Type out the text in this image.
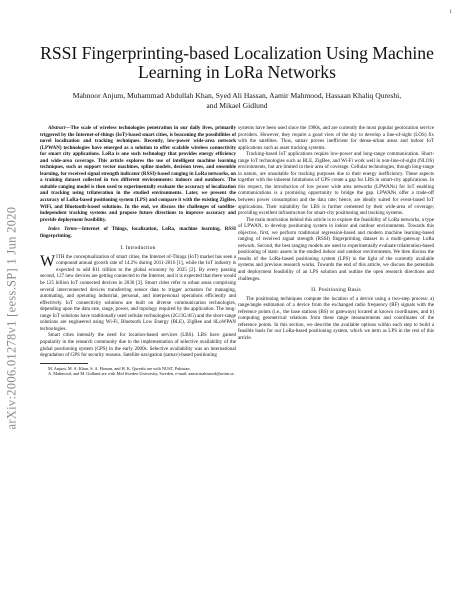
1
arXiv:2006.01278v1 [eess.SP] 1 Jun 2020
RSSI Fingerprinting-based Localization Using Machine Learning in LoRa Networks
Mahnoor Anjum, Muhammad Abdullah Khan, Syed Ali Hassan, Aamir Mahmood, Hassaan Khaliq Qureshi,
and Mikael Gidlund

Abstract—The scale of wireless technologies penetration in our daily lives, primarily triggered by the Internet-of-things (IoT)-based smart cities, is beaconing the possibilities of novel localization and tracking techniques. Recently, low-power wide-area network (LPWAN) technologies have emerged as a solution to offer scalable wireless connectivity for smart city applications. LoRa is one such technology that provides energy efficiency and wide-area coverage. This article explores the use of intelligent machine learning techniques, such as support vector machines, spline models, decision trees, and ensemble learning, for received signal strength indicator (RSSI)-based ranging in LoRa networks, on a training dataset collected in two different environments: indoors and outdoors. The suitable ranging model is then used to experimentally evaluate the accuracy of localization and tracking using trilateration in the studied environments. Later, we present the accuracy of LoRa-based positioning system (LPS) and compare it with the existing ZigBee, WiFi, and Bluetooth-based solutions. In the end, we discuss the challenges of satellite-independent tracking systems and propose future directions to improve accuracy and provide deployment feasibility.

Index Terms—Internet of Things, localization, LoRa, machine learning, RSSI fingerprinting.

I. Introduction

WITH the conceptualization of smart cities, the Internet of-Things (IoT) market has seen a compound annual growth rate of 14.2% during 2011-2016 [1], while the IoT industry is expected to add $11 trillion to the global economy by 2025 [2]. By every passing second, 127 new devices are getting connected to the Internet, and it is expected that there would be 125 billion IoT connected devices in 2030 [3]. Smart cities refer to urban areas comprising several interconnected devices transferring sensor data to trigger actuators for managing, automating, and operating industrial, personal, and interpersonal operations efficiently and effectively. IoT connectivity solutions are built on diverse communication technologies, depending upon the data rate, range, power, and topology required by the application. The long-range IoT solutions have traditionally used cellular technologies (2G/3G/4G) and the short-range solutions are engineered using Wi-Fi, Bluetooth Low Energy (BLE), ZigBee and 6LoWPAN technologies.

Smart cities intensify the need for location-based services (LBS). LBS have gained popularity in the research community due to the implementation of selective availability of the global positioning system (GPS) in the early 2000s. Selective availability was an international degradation of GPS for security reasons. Satellite navigation (satnav)-based positioning

M. Anjum, M. A. Khan, S. A. Hassan, and H. K. Qureshi are with NUST, Pakistan.

A. Mahmood, and M. Gidlund are with Mid Sweden University, Sweden, e-mail: aamir.mahmood@miun.se.

systems have been used since the 1980s, and are currently the most popular geolocation service providers. However, they require a good view of the sky to develop a line-of-sight (LOS) fix with the satellites. Thus, satnav proves inefficient for dense-urban areas and indoor IoT applications such as asset tracking systems.

Tracking-based IoT applications require low-power and long-range communication. Short-range IoT technologies such as BLE, ZigBee, and Wi-Fi work well in non-line-of-sight (NLOS) environments, but are limited in their area of coverage. Cellular technologies, though long-range in nature, are unsuitable for tracking purposes due to their energy inefficiency. These aspects together with the inherent limitations of GPS create a gap for LBS in smart-city applications. In this respect, the introduction of low power wide area networks (LPWANs) for IoT enabling communications is a promising opportunity to bridge the gap. LPWANs offer a trade-off between power consumption and the data rate; hence, are ideally suited for event-based IoT applications. Their suitability for LBS is further cemented by their wide-area of coverage; providing excellent infrastructure for smart-city positioning and tracking systems.

The main motivation behind this article is to explore the feasibility of LoRa networks, a type of LPWAN, to develop positioning system in indoor and outdoor environments. Towards this objective, first, we perform traditional regression-based and modern machine learning-based ranging of received signal strength (RSSI) fingerprinting dataset in a multi-gateway LoRa network. Second, the best ranging models are used to experimentally evaluate trilateration-based positioning of static assets in the studied indoor and outdoor environments. We then discuss the results of the LoRa-based positioning system (LPS) in the light of the currently available systems and previous research works. Towards the end of this article, we discuss the potentials and deployment feasibility of an LPS solution and outline the open research directions and challenges.

II. Positioning Basis

The positioning techniques compute the location of a device using a two-step process: a) range/angle estimation of a device from the exchanged radio frequency (RF) signals with the reference points (i.e., the base stations (BS) or gateways) located at known coordinates, and b) computing geometrical relations from these range measurements and coordinates of the reference points. In this section, we describe the available options within each step to build a feasible basis for our LoRa-based positioning system, which we term as LPS in the rest of this article.
